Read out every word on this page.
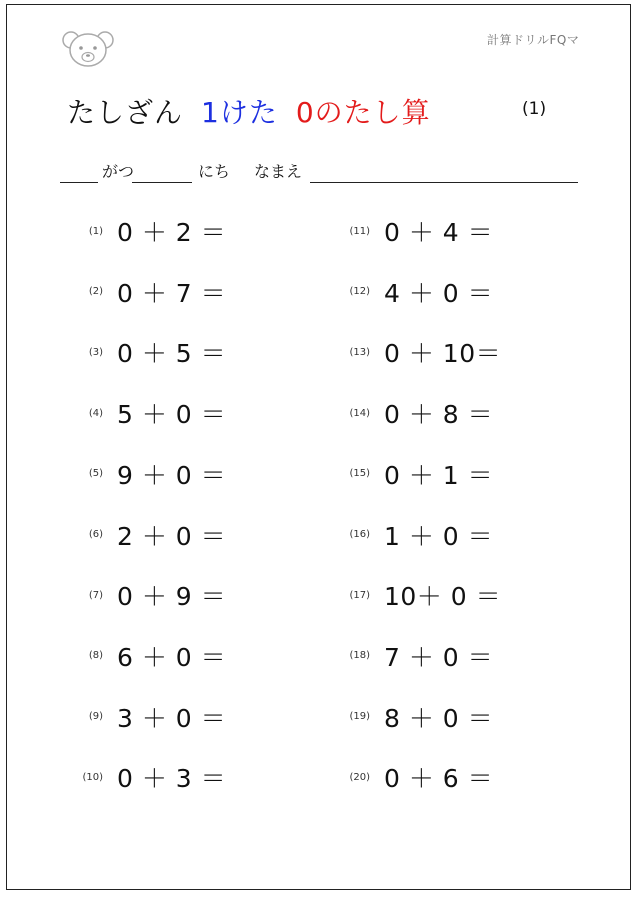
計算ドリルFQマ
たしざん 1けた 0のたし算	(1)
がつ	にち なまえ
(1) 0 ＋ 2 ＝
(2) 0 ＋ 7 ＝
(3) 0 ＋ 5 ＝
(4) 5 ＋ 0 ＝
(5) 9 ＋ 0 ＝
(6) 2 ＋ 0 ＝
(7) 0 ＋ 9 ＝
(8) 6 ＋ 0 ＝
(9) 3 ＋ 0 ＝
(10) 0 ＋ 3 ＝
(11) 0 ＋ 4 ＝
(12) 4 ＋ 0 ＝
(13) 0 ＋ 10＝
(14) 0 ＋ 8 ＝
(15) 0 ＋ 1 ＝
(16) 1 ＋ 0 ＝
(17) 10＋ 0 ＝
(18) 7 ＋ 0 ＝
(19) 8 ＋ 0 ＝
(20) 0 ＋ 6 ＝
